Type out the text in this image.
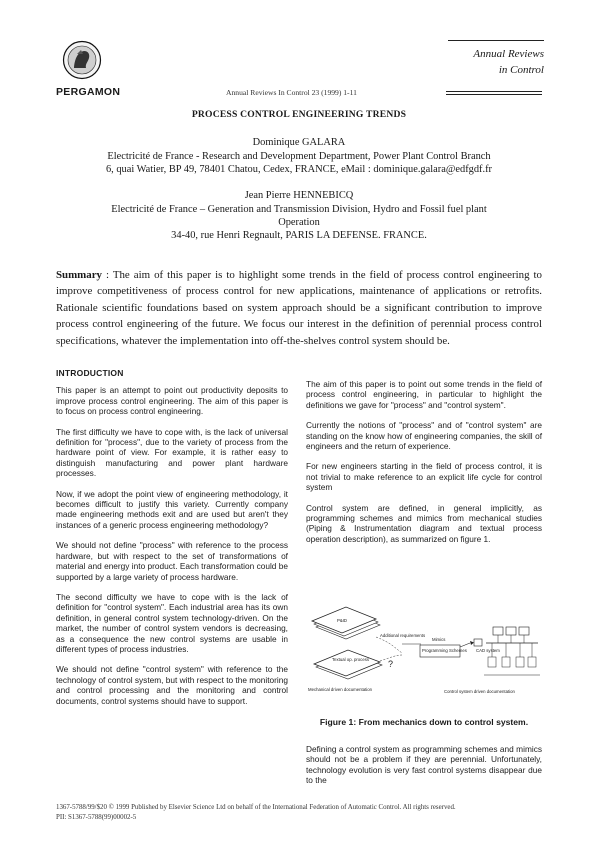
PERGAMON	Annual Reviews In Control 23 (1999) 1-11
Annual Reviews
in Control
PROCESS CONTROL ENGINEERING TRENDS
Dominique GALARA
Electricité de France - Research and Development Department, Power Plant Control Branch
6, quai Watier, BP 49, 78401 Chatou, Cedex, FRANCE, eMail : dominique.galara@edfgdf.fr
Jean Pierre HENNEBICQ
Electricité de France – Generation and Transmission Division, Hydro and Fossil fuel plant
Operation
34-40, rue Henri Regnault, PARIS LA DEFENSE. FRANCE.
Summary : The aim of this paper is to highlight some trends in the field of process control engineering to improve competitiveness of process control for new applications, maintenance of applications or retrofits. Rationale scientific foundations based on system approach should be a significant contribution to improve process control engineering of the future. We focus our interest in the definition of perennial process control specifications, whatever the implementation into off-the-shelves control system should be.

INTRODUCTION

This paper is an attempt to point out productivity deposits to improve process control engineering. The aim of this paper is to focus on process control engineering.

The first difficulty we have to cope with, is the lack of universal definition for "process", due to the variety of process from the hardware point of view. For example, it is rather easy to distinguish manufacturing and power plant hardware processes.

Now, if we adopt the point view of engineering methodology, it becomes difficult to justify this variety. Currently company made engineering methods exit and are used but aren't they instances of a generic process engineering methodology?

We should not define "process" with reference to the process hardware, but with respect to the set of transformations of material and energy into product. Each transformation could be supported by a large variety of process hardware.

The second difficulty we have to cope with is the lack of definition for "control system". Each industrial area has its own definition, in general control system technology-driven. On the market, the number of control system vendors is decreasing, as a consequence the new control systems are usable in different types of process industries.

We should not define "control system" with reference to the technology of control system, but with respect to the monitoring and control processing and the monitoring and control documents, control systems should have to support.

The aim of this paper is to point out some trends in the field of process control engineering, in particular to highlight the definitions we gave for "process" and "control system".

Currently the notions of "process" and of "control system" are standing on the know how of engineering companies, the skill of engineers and the return of experience.

For new engineers starting in the field of process control, it is not trivial to make reference to an explicit life cycle for control system

Control system are defined, in general implicitly, as programming schemes and mimics from mechanical studies (Piping & Instrumentation diagram and textual process operation description), as summarized on figure 1.

P&ID
Textual op. process
Mechanical driven documentation
Additional requirements
?
Mimics
Programming Schemes CAD system
Control system driven documentation
Figure 1: From mechanics down to control system.
Defining a control system as programming schemes and mimics should not be a problem if they are perennial. Unfortunately, technology evolution is very fast control systems disappear due to the
1367-5788/99/$20 © 1999 Published by Elsevier Science Ltd on behalf of the International Federation of Automatic Control. All rights reserved.
PII: S1367-5788(99)00002-5
